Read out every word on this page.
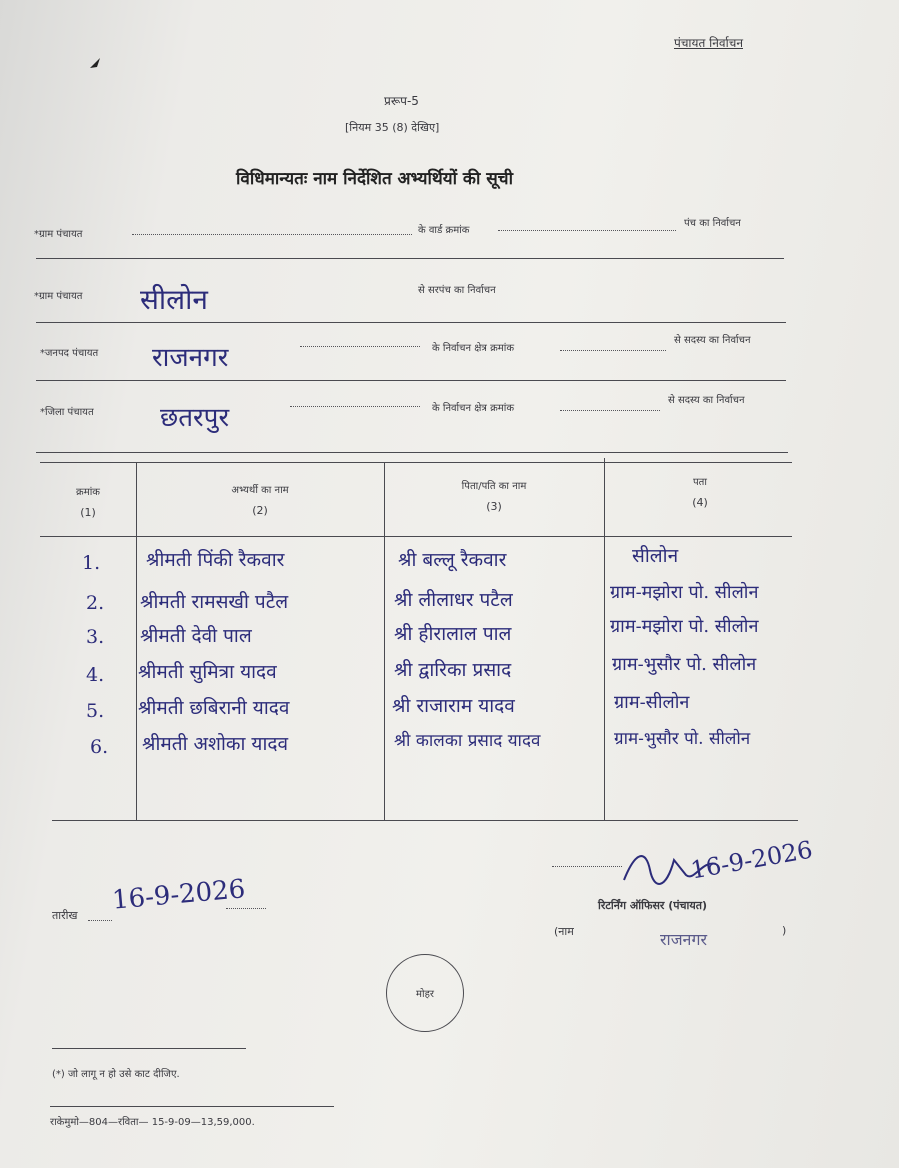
पंचायत निर्वाचन
प्ररूप-5
[नियम 35 (8) देखिए]
विधिमान्यतः नाम निर्देशित अभ्यर्थियों की सूची
*ग्राम पंचायत	के वार्ड क्रमांक
पंच का निर्वाचन
*ग्राम पंचायत सीलोन	से सरपंच का निर्वाचन
*जनपद पंचायत राजनगर	के निर्वाचन क्षेत्र क्रमांक
से सदस्य का निर्वाचन
*जिला पंचायत	छतरपुर	के निर्वाचन क्षेत्र क्रमांक
से सदस्य का निर्वाचन
क्रमांक
(1)
अभ्यर्थी का नाम
(2)
पिता/पति का नाम
(3)
पता
(4)
1. श्रीमती पिंकी रैकवार	श्री बल्लू रैकवार	सीलोन
2. श्रीमती रामसखी पटैल	श्री लीलाधर पटैल	ग्राम-मझोरा पो. सीलोन
3. श्रीमती देवी पाल	श्री हीरालाल पाल	ग्राम-मझोरा पो. सीलोन
4. श्रीमती सुमित्रा यादव	श्री द्वारिका प्रसाद	ग्राम-भुसौर पो. सीलोन
5. श्रीमती छबिरानी यादव	श्री राजाराम यादव	ग्राम-सीलोन
6. श्रीमती अशोका यादव	श्री कालका प्रसाद यादव	ग्राम-भुसौर पो. सीलोन
तारीख 16-9-2026
16-9-2026
रिटर्निंग ऑफिसर (पंचायत)
(नाम	राजनगर	)
मोहर
(*) जो लागू न हो उसे काट दीजिए.
राकेमुमो—804—रविता— 15-9-09—13,59,000.
